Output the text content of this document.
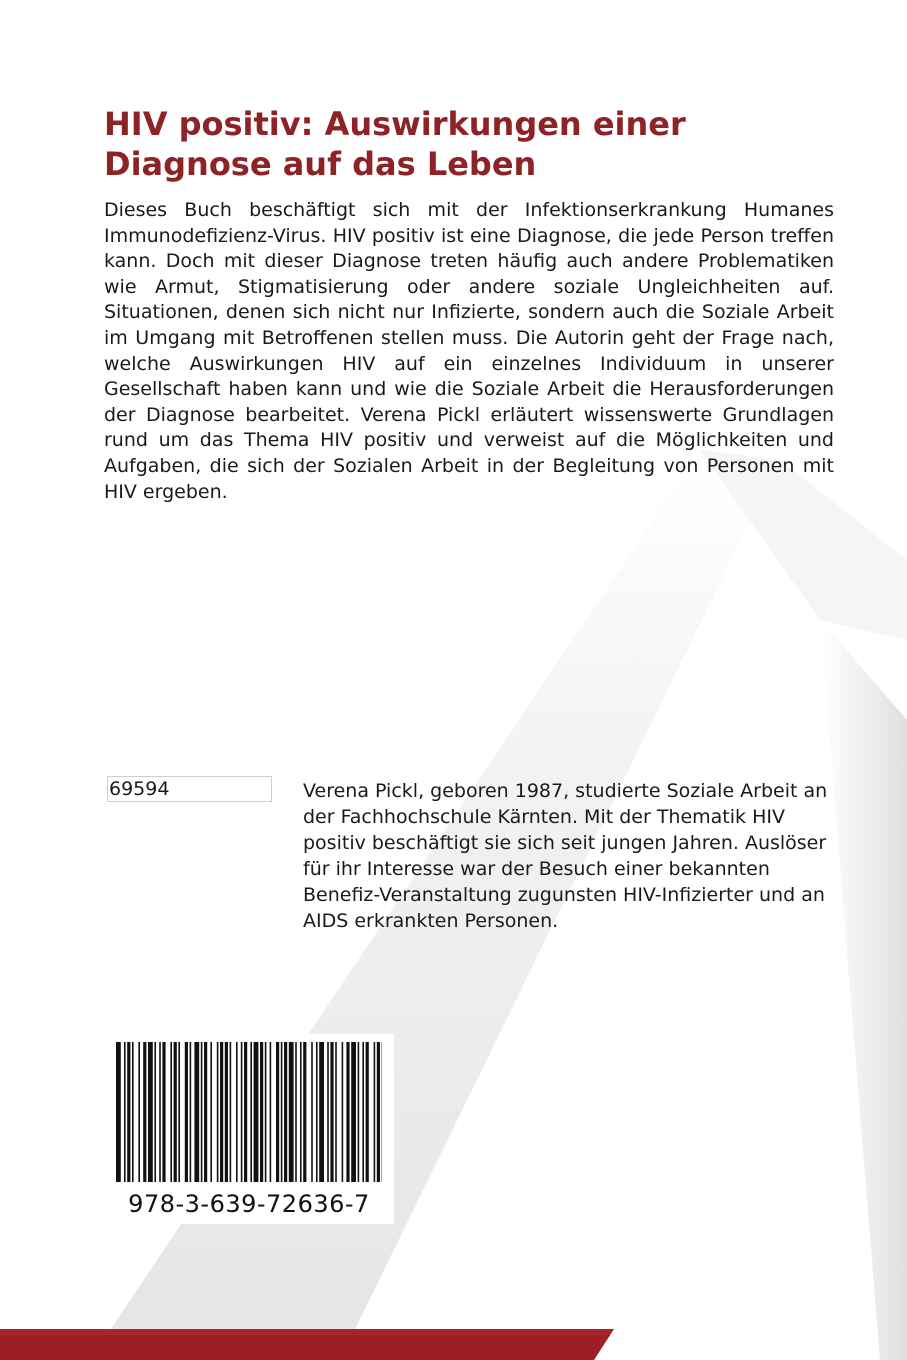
HIV positiv: Auswirkungen einer Diagnose auf das Leben

Dieses Buch beschäftigt sich mit der Infektionserkrankung Humanes Immunodefizienz-Virus. HIV positiv ist eine Diagnose, die jede Person treffen kann. Doch mit dieser Diagnose treten häufig auch andere Problematiken wie Armut, Stigmatisierung oder andere soziale Ungleichheiten auf. Situationen, denen sich nicht nur Infizierte, sondern auch die Soziale Arbeit im Umgang mit Betroffenen stellen muss. Die Autorin geht der Frage nach, welche Auswirkungen HIV auf ein einzelnes Individuum in unserer Gesellschaft haben kann und wie die Soziale Arbeit die Herausforderungen der Diagnose bearbeitet. Verena Pickl erläutert wissenswerte Grundlagen rund um das Thema HIV positiv und verweist auf die Möglichkeiten und Aufgaben, die sich der Sozialen Arbeit in der Begleitung von Personen mit HIV ergeben.

69594	Verena Pickl, geboren 1987, studierte Soziale Arbeit an der Fachhochschule Kärnten. Mit der Thematik HIV positiv beschäftigt sie sich seit jungen Jahren. Auslöser für ihr Interesse war der Besuch einer bekannten Benefiz-Veranstaltung zugunsten HIV-Infizierter und an AIDS erkrankten Personen.

978-3-639-72636-7
